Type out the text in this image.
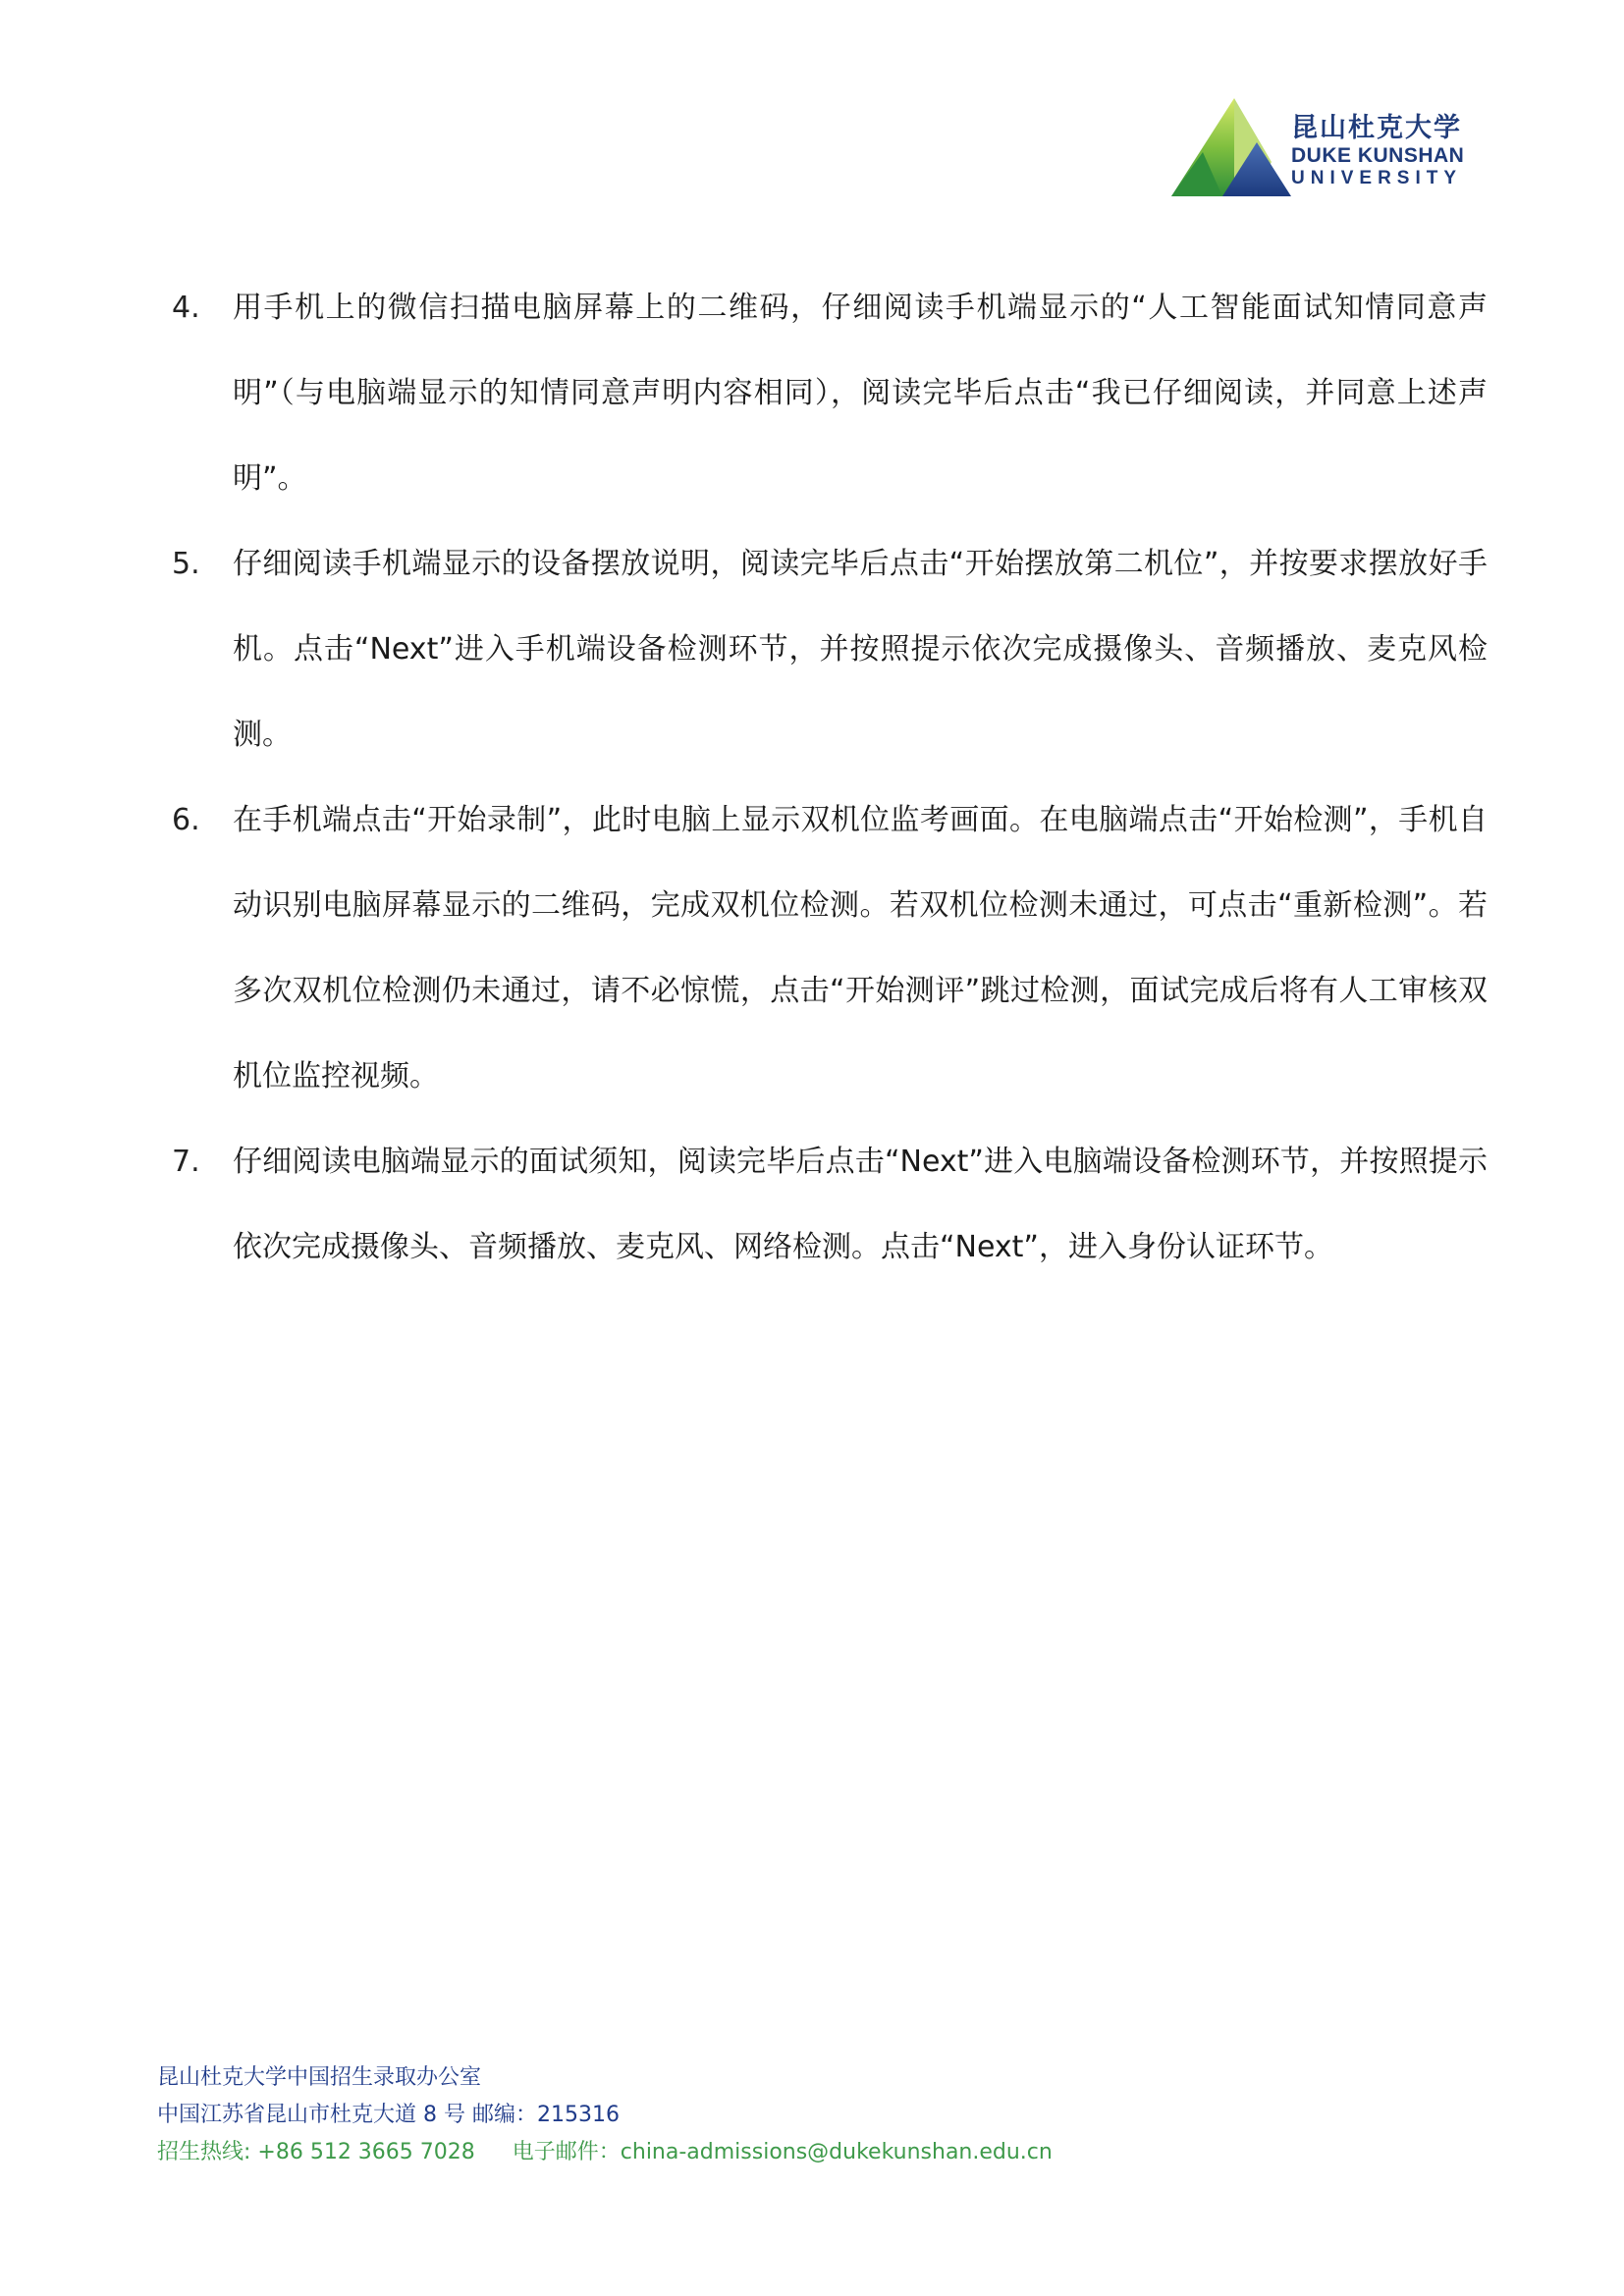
昆山杜克大学
DUKE KUNSHAN
UNIVERSITY
4.	用手机上的微信扫描电脑屏幕上的二维码，仔细阅读手机端显示的“人工智能面试知情同意声明”（与电脑端显示的知情同意声明内容相同），阅读完毕后点击“我已仔细阅读，并同意上述声明”。
5.	仔细阅读手机端显示的设备摆放说明，阅读完毕后点击“开始摆放第二机位”，并按要求摆放好手机。点击“Next”进入手机端设备检测环节，并按照提示依次完成摄像头、音频播放、麦克风检测。
6.	在手机端点击“开始录制”，此时电脑上显示双机位监考画面。在电脑端点击“开始检测”，手机自动识别电脑屏幕显示的二维码，完成双机位检测。若双机位检测未通过，可点击“重新检测”。若多次双机位检测仍未通过，请不必惊慌，点击“开始测评”跳过检测，面试完成后将有人工审核双机位监控视频。
7.	仔细阅读电脑端显示的面试须知，阅读完毕后点击“Next”进入电脑端设备检测环节，并按照提示依次完成摄像头、音频播放、麦克风、网络检测。点击“Next”，进入身份认证环节。
昆山杜克大学中国招生录取办公室
中国江苏省昆山市杜克大道 8 号 邮编：215316
招生热线: +86 512 3665 7028 电子邮件：china-admissions@dukekunshan.edu.cn
